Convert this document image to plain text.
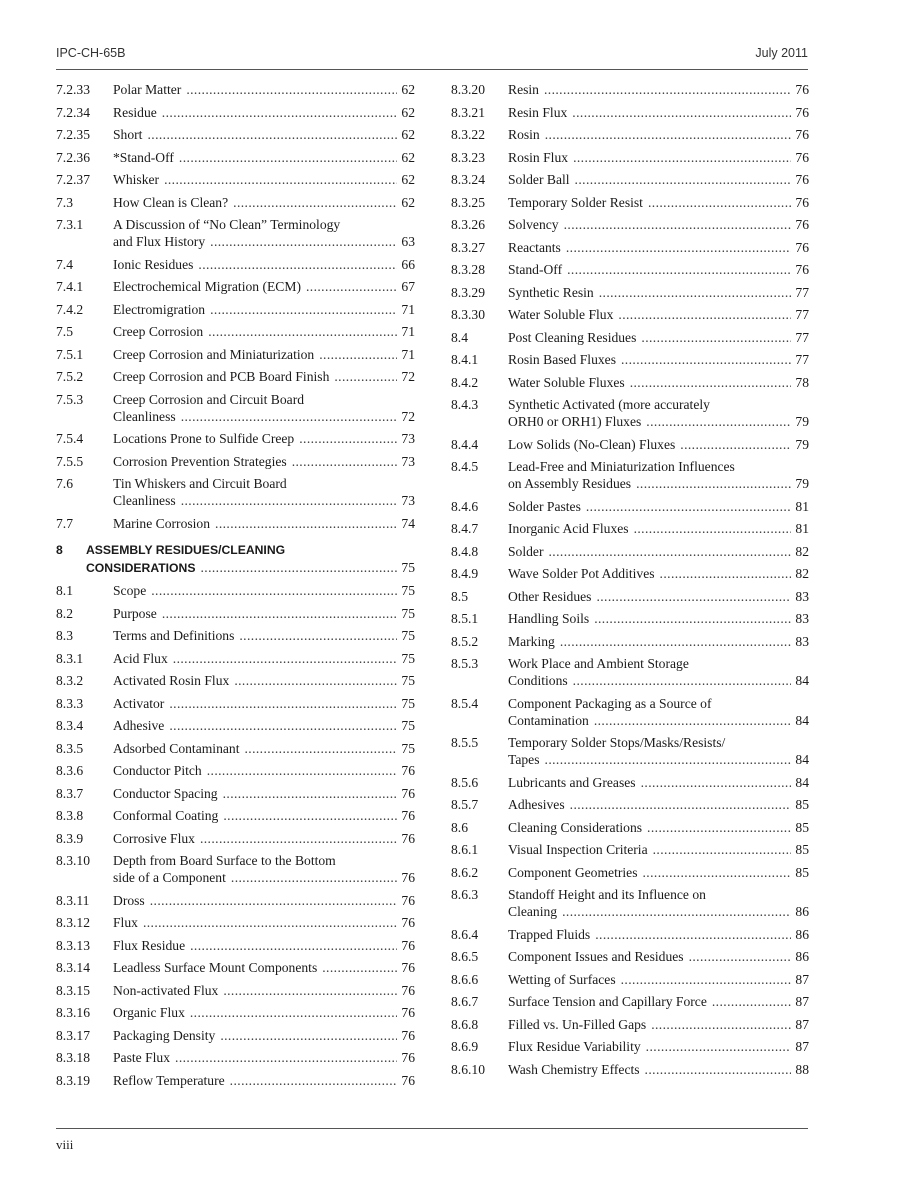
IPC-CH-65B	July 2011
7.2.33	Polar Matter .....	62
7.2.34	Residue .....	62
7.2.35	Short .....	62
7.2.36	*Stand-Off .....	62
7.2.37	Whisker .....	62
7.3	How Clean is Clean? .....	62
7.3.1	A Discussion of “No Clean” Terminology
and Flux History .....	63
7.4	Ionic Residues .....	66
7.4.1	Electrochemical Migration (ECM) .....	67
7.4.2	Electromigration .....	71
7.5	Creep Corrosion .....	71
7.5.1	Creep Corrosion and Miniaturization .....	71
7.5.2	Creep Corrosion and PCB Board Finish .....	72
7.5.3	Creep Corrosion and Circuit Board
Cleanliness .....	72
7.5.4	Locations Prone to Sulfide Creep .....	73
7.5.5	Corrosion Prevention Strategies .....	73
7.6	Tin Whiskers and Circuit Board
Cleanliness .....	73
7.7	Marine Corrosion .....	74
8	ASSEMBLY RESIDUES/CLEANING
CONSIDERATIONS .....	75
8.1	Scope .....	75
8.2	Purpose .....	75
8.3	Terms and Definitions .....	75
8.3.1	Acid Flux .....	75
8.3.2	Activated Rosin Flux .....	75
8.3.3	Activator .....	75
8.3.4	Adhesive .....	75
8.3.5	Adsorbed Contaminant .....	75
8.3.6	Conductor Pitch .....	76
8.3.7	Conductor Spacing .....	76
8.3.8	Conformal Coating .....	76
8.3.9	Corrosive Flux .....	76
8.3.10	Depth from Board Surface to the Bottom
side of a Component .....	76
8.3.11	Dross .....	76
8.3.12	Flux .....	76
8.3.13	Flux Residue .....	76
8.3.14	Leadless Surface Mount Components .....	76
8.3.15	Non-activated Flux .....	76
8.3.16	Organic Flux .....	76
8.3.17	Packaging Density .....	76
8.3.18	Paste Flux .....	76
8.3.19	Reflow Temperature .....	76
8.3.20	Resin .....	76
8.3.21	Resin Flux .....	76
8.3.22	Rosin .....	76
8.3.23	Rosin Flux .....	76
8.3.24	Solder Ball .....	76
8.3.25	Temporary Solder Resist .....	76
8.3.26	Solvency .....	76
8.3.27	Reactants .....	76
8.3.28	Stand-Off .....	76
8.3.29	Synthetic Resin .....	77
8.3.30	Water Soluble Flux .....	77
8.4	Post Cleaning Residues .....	77
8.4.1	Rosin Based Fluxes .....	77
8.4.2	Water Soluble Fluxes .....	78
8.4.3	Synthetic Activated (more accurately
ORH0 or ORH1) Fluxes .....	79
8.4.4	Low Solids (No-Clean) Fluxes .....	79
8.4.5	Lead-Free and Miniaturization Influences
on Assembly Residues .....	79
8.4.6	Solder Pastes .....	81
8.4.7	Inorganic Acid Fluxes .....	81
8.4.8	Solder .....	82
8.4.9	Wave Solder Pot Additives .....	82
8.5	Other Residues .....	83
8.5.1	Handling Soils .....	83
8.5.2	Marking .....	83
8.5.3	Work Place and Ambient Storage
Conditions .....	84
8.5.4	Component Packaging as a Source of
Contamination .....	84
8.5.5	Temporary Solder Stops/Masks/Resists/
Tapes .....	84
8.5.6	Lubricants and Greases .....	84
8.5.7	Adhesives .....	85
8.6	Cleaning Considerations .....	85
8.6.1	Visual Inspection Criteria .....	85
8.6.2	Component Geometries .....	85
8.6.3	Standoff Height and its Influence on
Cleaning .....	86
8.6.4	Trapped Fluids .....	86
8.6.5	Component Issues and Residues .....	86
8.6.6	Wetting of Surfaces .....	87
8.6.7	Surface Tension and Capillary Force .....	87
8.6.8	Filled vs. Un-Filled Gaps .....	87
8.6.9	Flux Residue Variability .....	87
8.6.10	Wash Chemistry Effects .....	88
viii
